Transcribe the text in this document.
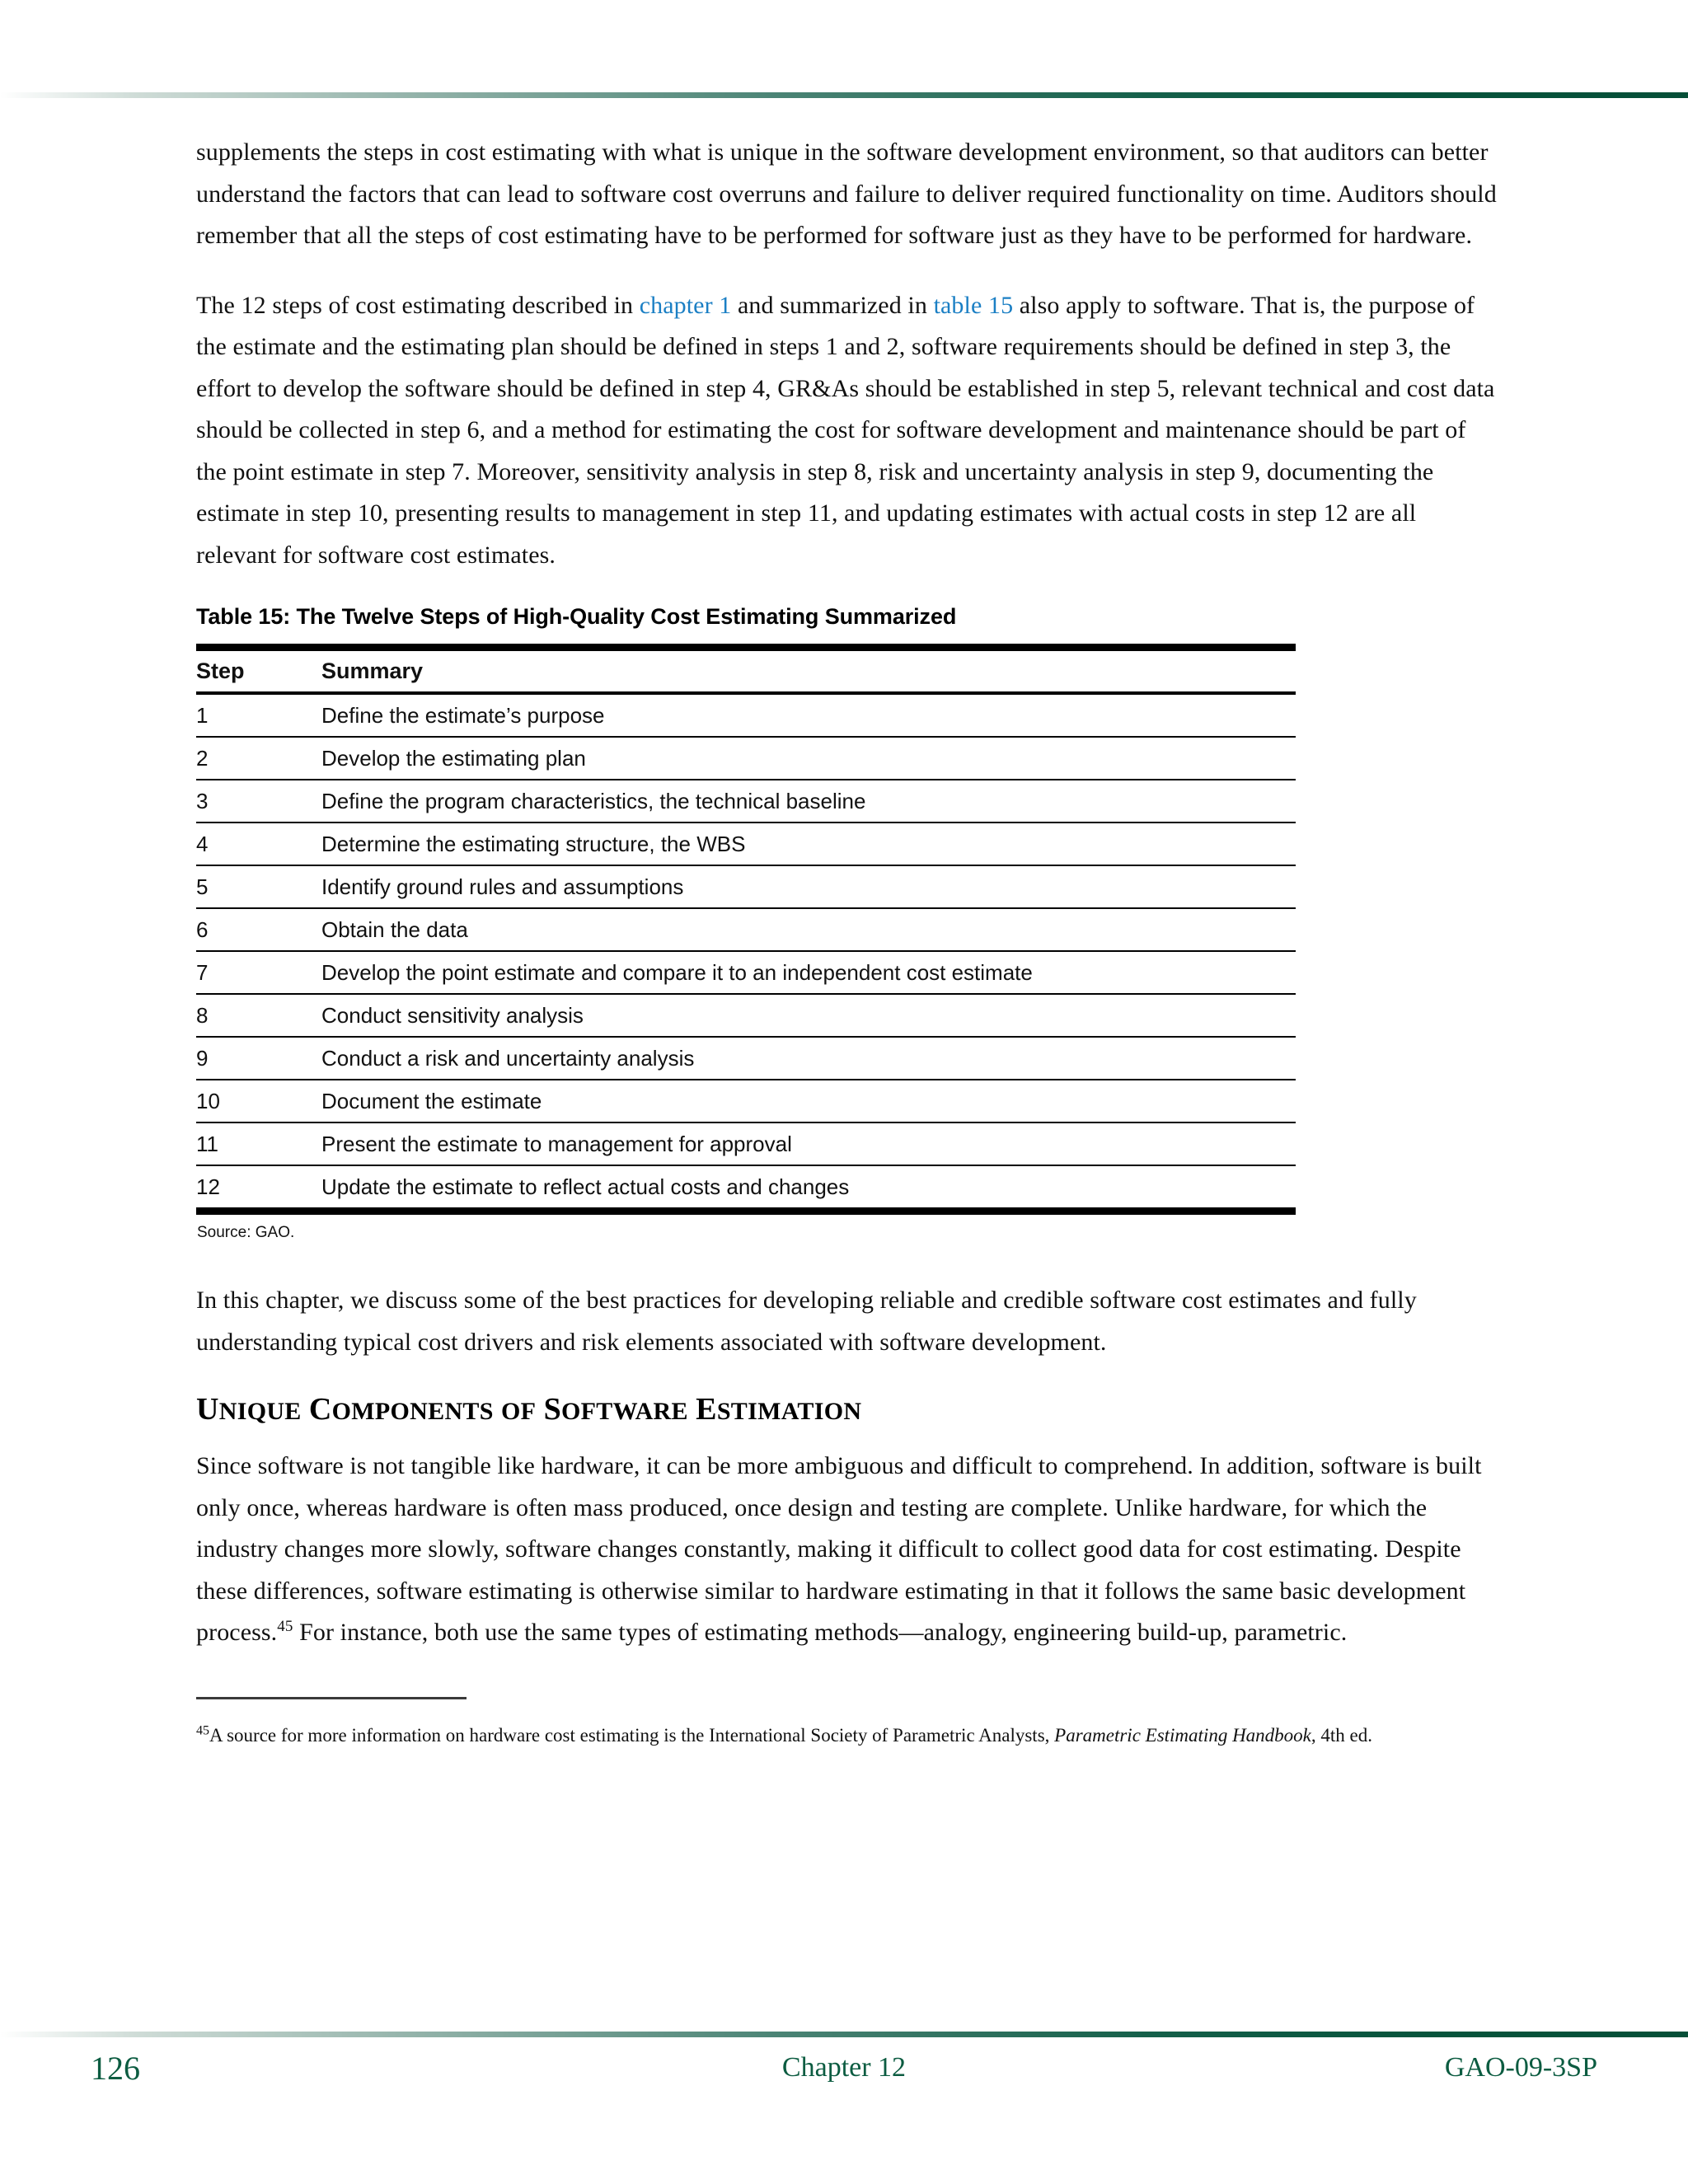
supplements the steps in cost estimating with what is unique in the software development environment, so that auditors can better understand the factors that can lead to software cost overruns and failure to deliver required functionality on time. Auditors should remember that all the steps of cost estimating have to be performed for software just as they have to be performed for hardware.

The 12 steps of cost estimating described in chapter 1 and summarized in table 15 also apply to software. That is, the purpose of the estimate and the estimating plan should be defined in steps 1 and 2, software requirements should be defined in step 3, the effort to develop the software should be defined in step 4, GR&As should be established in step 5, relevant technical and cost data should be collected in step 6, and a method for estimating the cost for software development and maintenance should be part of the point estimate in step 7. Moreover, sensitivity analysis in step 8, risk and uncertainty analysis in step 9, documenting the estimate in step 10, presenting results to management in step 11, and updating estimates with actual costs in step 12 are all relevant for software cost estimates.

Table 15: The Twelve Steps of High-Quality Cost Estimating Summarized
Step	Summary
1	Define the estimate’s purpose
2	Develop the estimating plan
3	Define the program characteristics, the technical baseline
4	Determine the estimating structure, the WBS
5	Identify ground rules and assumptions
6	Obtain the data
7	Develop the point estimate and compare it to an independent cost estimate
8	Conduct sensitivity analysis
9	Conduct a risk and uncertainty analysis
10	Document the estimate
11	Present the estimate to management for approval
12	Update the estimate to reflect actual costs and changes
Source: GAO.

In this chapter, we discuss some of the best practices for developing reliable and credible software cost estimates and fully understanding typical cost drivers and risk elements associated with software development.

UNIQUE COMPONENTS OF SOFTWARE ESTIMATION

Since software is not tangible like hardware, it can be more ambiguous and difficult to comprehend. In addition, software is built only once, whereas hardware is often mass produced, once design and testing are complete. Unlike hardware, for which the industry changes more slowly, software changes constantly, making it difficult to collect good data for cost estimating. Despite these differences, software estimating is otherwise similar to hardware estimating in that it follows the same basic development process.$^{45}$ For instance, both use the same types of estimating methods—analogy, engineering build-up, parametric.

$^{45}$A source for more information on hardware cost estimating is the International Society of Parametric Analysts, Parametric Estimating Handbook, 4th ed.

126	Chapter 12	GAO-09-3SP
